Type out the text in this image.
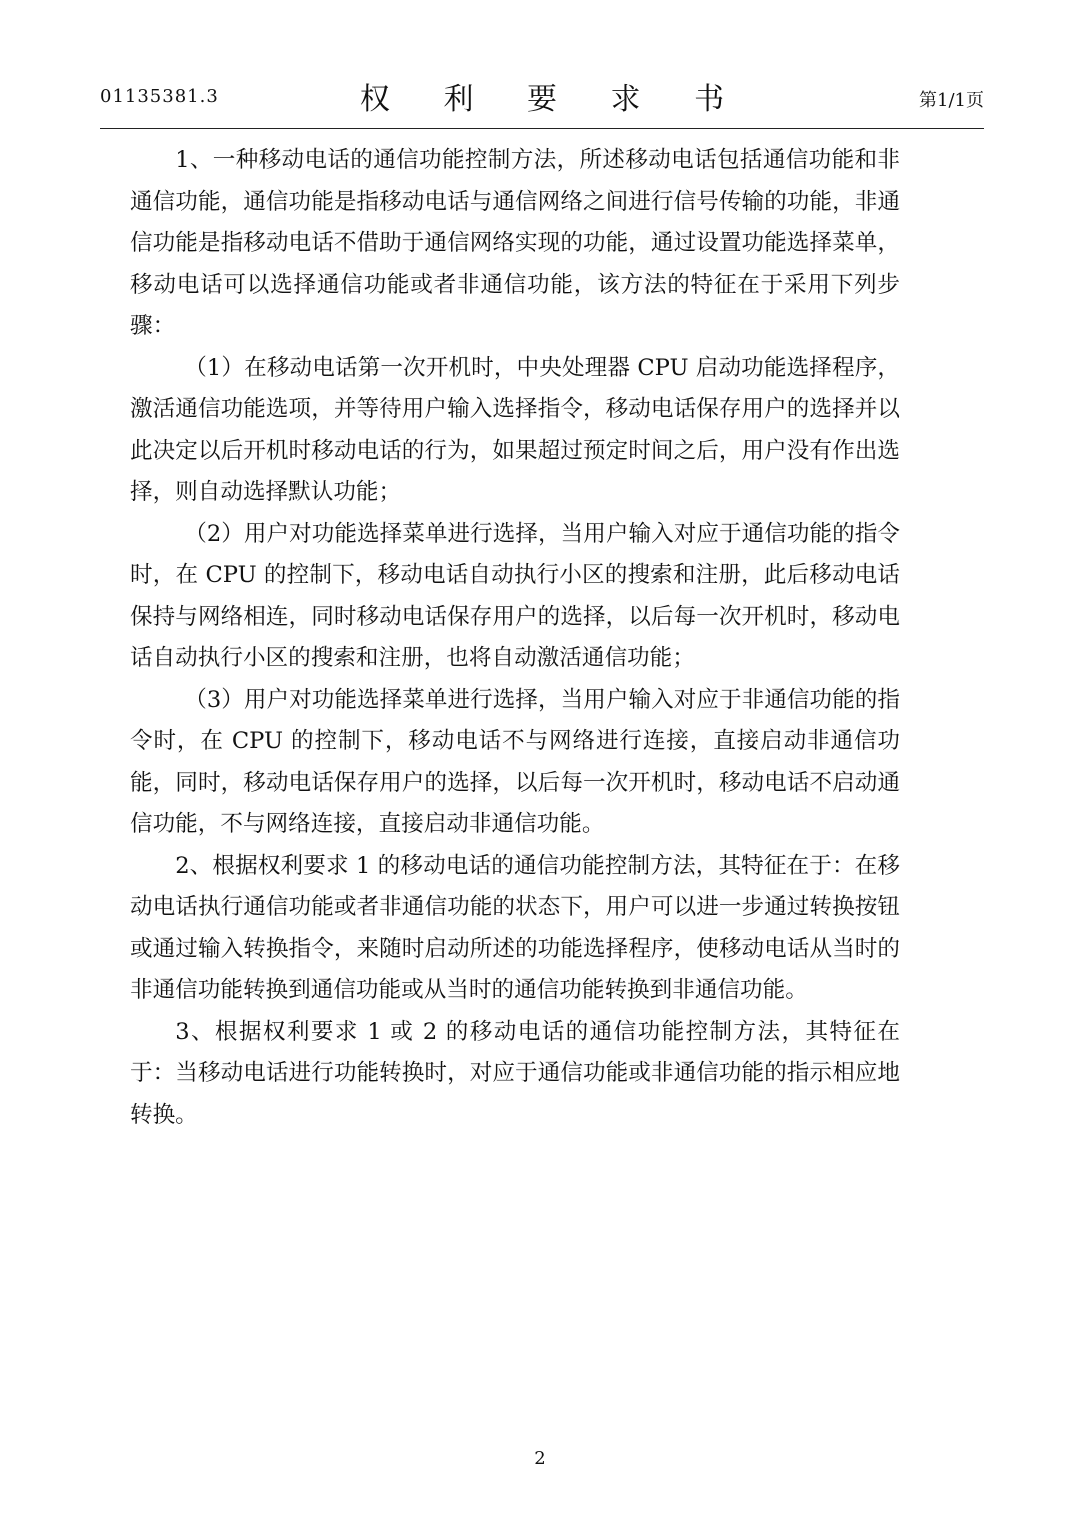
01135381.3	权 利 要 求 书	第1/1页

1、一种移动电话的通信功能控制方法，所述移动电话包括通信功能和非通信功能，通信功能是指移动电话与通信网络之间进行信号传输的功能，非通信功能是指移动电话不借助于通信网络实现的功能，通过设置功能选择菜单，移动电话可以选择通信功能或者非通信功能，该方法的特征在于采用下列步骤：

（1）在移动电话第一次开机时，中央处理器 CPU 启动功能选择程序，激活通信功能选项，并等待用户输入选择指令，移动电话保存用户的选择并以此决定以后开机时移动电话的行为，如果超过预定时间之后，用户没有作出选择，则自动选择默认功能；

（2）用户对功能选择菜单进行选择，当用户输入对应于通信功能的指令时，在 CPU 的控制下，移动电话自动执行小区的搜索和注册，此后移动电话保持与网络相连，同时移动电话保存用户的选择，以后每一次开机时，移动电话自动执行小区的搜索和注册，也将自动激活通信功能；

（3）用户对功能选择菜单进行选择，当用户输入对应于非通信功能的指令时，在 CPU 的控制下，移动电话不与网络进行连接，直接启动非通信功能，同时，移动电话保存用户的选择，以后每一次开机时，移动电话不启动通信功能，不与网络连接，直接启动非通信功能。

2、根据权利要求 1 的移动电话的通信功能控制方法，其特征在于：在移动电话执行通信功能或者非通信功能的状态下，用户可以进一步通过转换按钮或通过输入转换指令，来随时启动所述的功能选择程序，使移动电话从当时的非通信功能转换到通信功能或从当时的通信功能转换到非通信功能。

3、根据权利要求 1 或 2 的移动电话的通信功能控制方法，其特征在于：当移动电话进行功能转换时，对应于通信功能或非通信功能的指示相应地转换。

2
